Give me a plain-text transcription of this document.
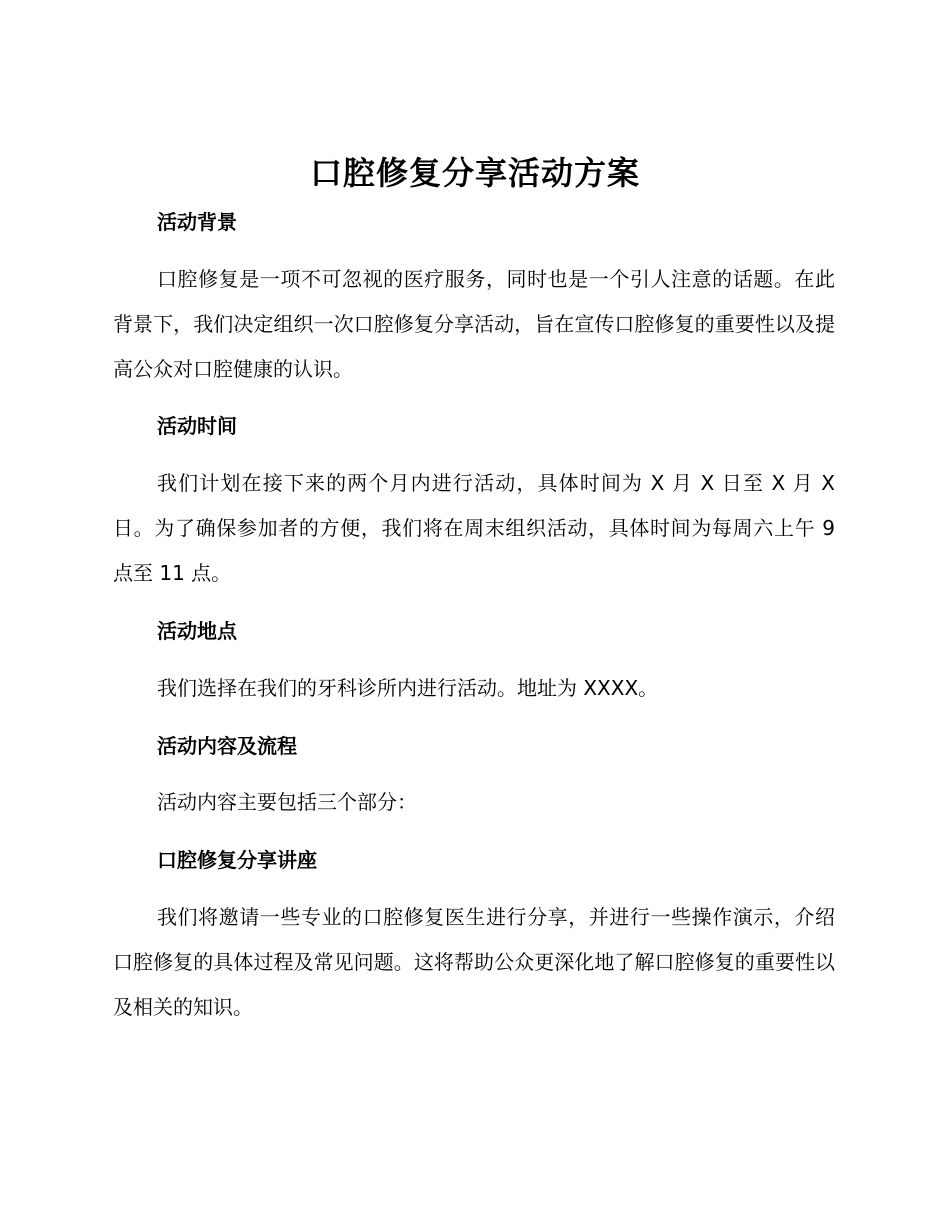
口腔修复分享活动方案
活动背景

口腔修复是一项不可忽视的医疗服务，同时也是一个引人注意的话题。在此背景下，我们决定组织一次口腔修复分享活动，旨在宣传口腔修复的重要性以及提高公众对口腔健康的认识。

活动时间

我们计划在接下来的两个月内进行活动，具体时间为 X 月 X 日至 X 月 X 日。为了确保参加者的方便，我们将在周末组织活动，具体时间为每周六上午 9 点至 11 点。

活动地点

我们选择在我们的牙科诊所内进行活动。地址为 XXXX。

活动内容及流程

活动内容主要包括三个部分：

口腔修复分享讲座

我们将邀请一些专业的口腔修复医生进行分享，并进行一些操作演示，介绍口腔修复的具体过程及常见问题。这将帮助公众更深化地了解口腔修复的重要性以及相关的知识。
